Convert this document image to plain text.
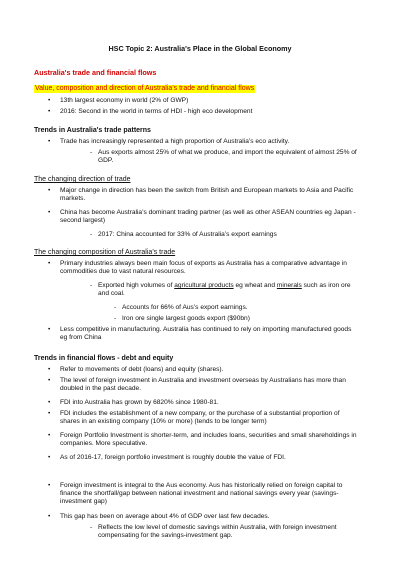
HSC Topic 2: Australia's Place in the Global Economy
Australia's trade and financial flows
Value, composition and direction of Australia’s trade and financial flows
• 13th largest economy in world (2% of GWP)
• 2016: Second in the world in terms of HDI - high eco development
Trends in Australia's trade patterns
• Trade has increasingly represented a high proportion of Australia’s eco activity.
- Aus exports almost 25% of what we produce, and import the equivalent of almost 25% of GDP.
The changing direction of trade
• Major change in direction has been the switch from British and European markets to Asia and Pacific markets.
• China has become Australia’s dominant trading partner (as well as other ASEAN countries eg Japan - second largest)
- 2017: China accounted for 33% of Australia’s export earnings
The changing composition of Australia’s trade
• Primary industries always been main focus of exports as Australia has a comparative advantage in commodities due to vast natural resources.
- Exported high volumes of agricultural products eg wheat and minerals such as iron ore and coal.
- Accounts for 66% of Aus’s export earnings.
- Iron ore single largest goods export ($90bn)
• Less competitive in manufacturing. Australia has continued to rely on importing manufactured goods eg from China
Trends in financial flows - debt and equity
• Refer to movements of debt (loans) and equity (shares).
• The level of foreign investment in Australia and investment overseas by Australians has more than doubled in the past decade.
• FDI into Australia has grown by 6820% since 1980-81.
• FDI includes the establishment of a new company, or the purchase of a substantial proportion of shares in an existing company (10% or more) (tends to be longer term)
• Foreign Portfolio Investment is shorter-term, and includes loans, securities and small shareholdings in companies. More speculative.
• As of 2016-17, foreign portfolio investment is roughly double the value of FDI.
• Foreign investment is integral to the Aus economy. Aus has historically relied on foreign capital to finance the shortfall/gap between national investment and national savings every year (savings-investment gap)
• This gap has been on average about 4% of GDP over last few decades.
- Reflects the low level of domestic savings within Australia, with foreign investment compensating for the savings-investment gap.
